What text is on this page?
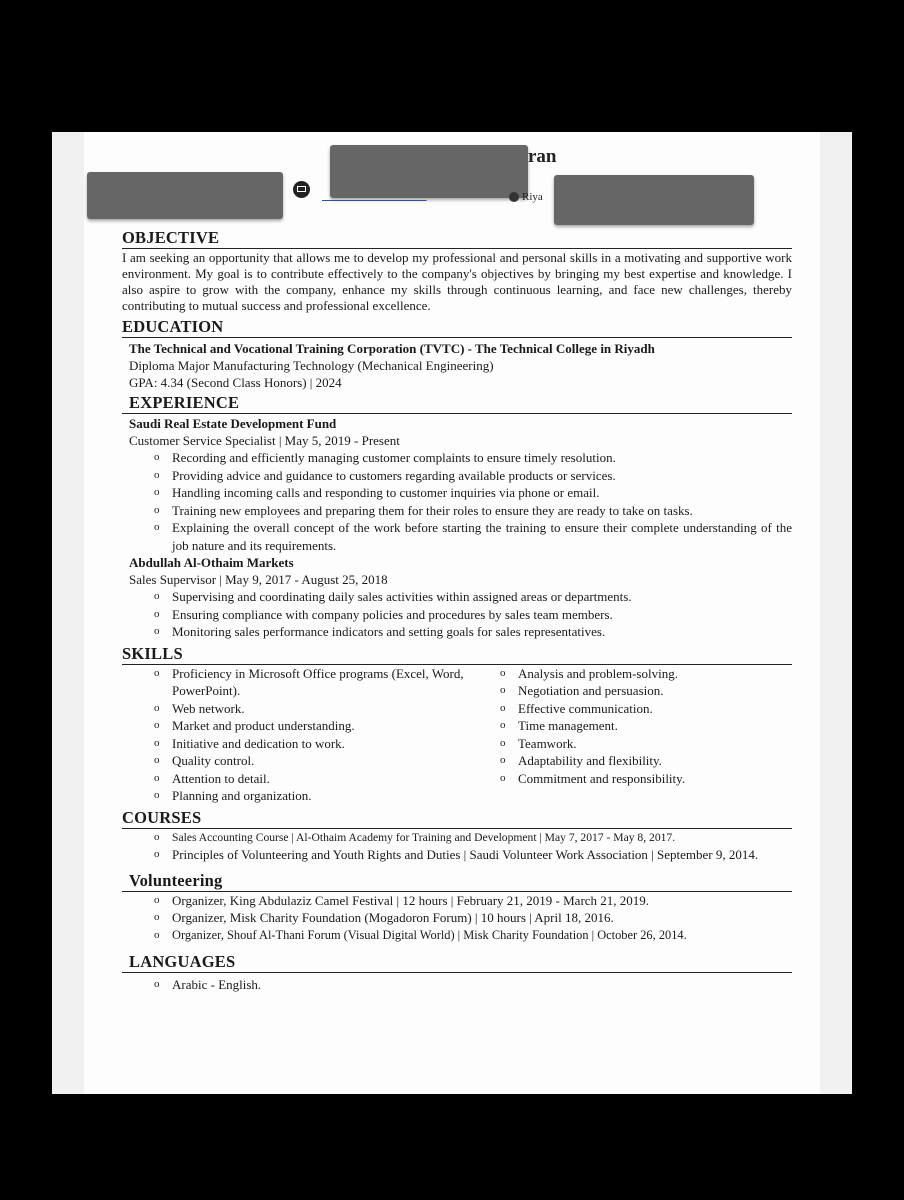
ran

Riya
OBJECTIVE
I am seeking an opportunity that allows me to develop my professional and personal skills in a motivating and supportive work environment. My goal is to contribute effectively to the company's objectives by bringing my best expertise and knowledge. I also aspire to grow with the company, enhance my skills through continuous learning, and face new challenges, thereby contributing to mutual success and professional excellence.
EDUCATION
The Technical and Vocational Training Corporation (TVTC) - The Technical College in Riyadh
Diploma Major Manufacturing Technology (Mechanical Engineering)
GPA: 4.34 (Second Class Honors) | 2024
EXPERIENCE
Saudi Real Estate Development Fund
Customer Service Specialist | May 5, 2019 - Present
o Recording and efficiently managing customer complaints to ensure timely resolution.
o Providing advice and guidance to customers regarding available products or services.
o Handling incoming calls and responding to customer inquiries via phone or email.
o Training new employees and preparing them for their roles to ensure they are ready to take on tasks.
o Explaining the overall concept of the work before starting the training to ensure their complete understanding of the job nature and its requirements.
Abdullah Al-Othaim Markets
Sales Supervisor | May 9, 2017 - August 25, 2018
o Supervising and coordinating daily sales activities within assigned areas or departments.
o Ensuring compliance with company policies and procedures by sales team members.
o Monitoring sales performance indicators and setting goals for sales representatives.
SKILLS
o Proficiency in Microsoft Office programs (Excel, Word, PowerPoint).
o Web network.
o Market and product understanding.
o Initiative and dedication to work.
o Quality control.
o Attention to detail.
o Planning and organization.
o Analysis and problem-solving.
o Negotiation and persuasion.
o Effective communication.
o Time management.
o Teamwork.
o Adaptability and flexibility.
o Commitment and responsibility.
COURSES
o Sales Accounting Course | Al-Othaim Academy for Training and Development | May 7, 2017 - May 8, 2017.
o Principles of Volunteering and Youth Rights and Duties | Saudi Volunteer Work Association | September 9, 2014.
Volunteering
o Organizer, King Abdulaziz Camel Festival | 12 hours | February 21, 2019 - March 21, 2019.
o Organizer, Misk Charity Foundation (Mogadoron Forum) | 10 hours | April 18, 2016.
o Organizer, Shouf Al-Thani Forum (Visual Digital World) | Misk Charity Foundation | October 26, 2014.
LANGUAGES
o Arabic - English.
